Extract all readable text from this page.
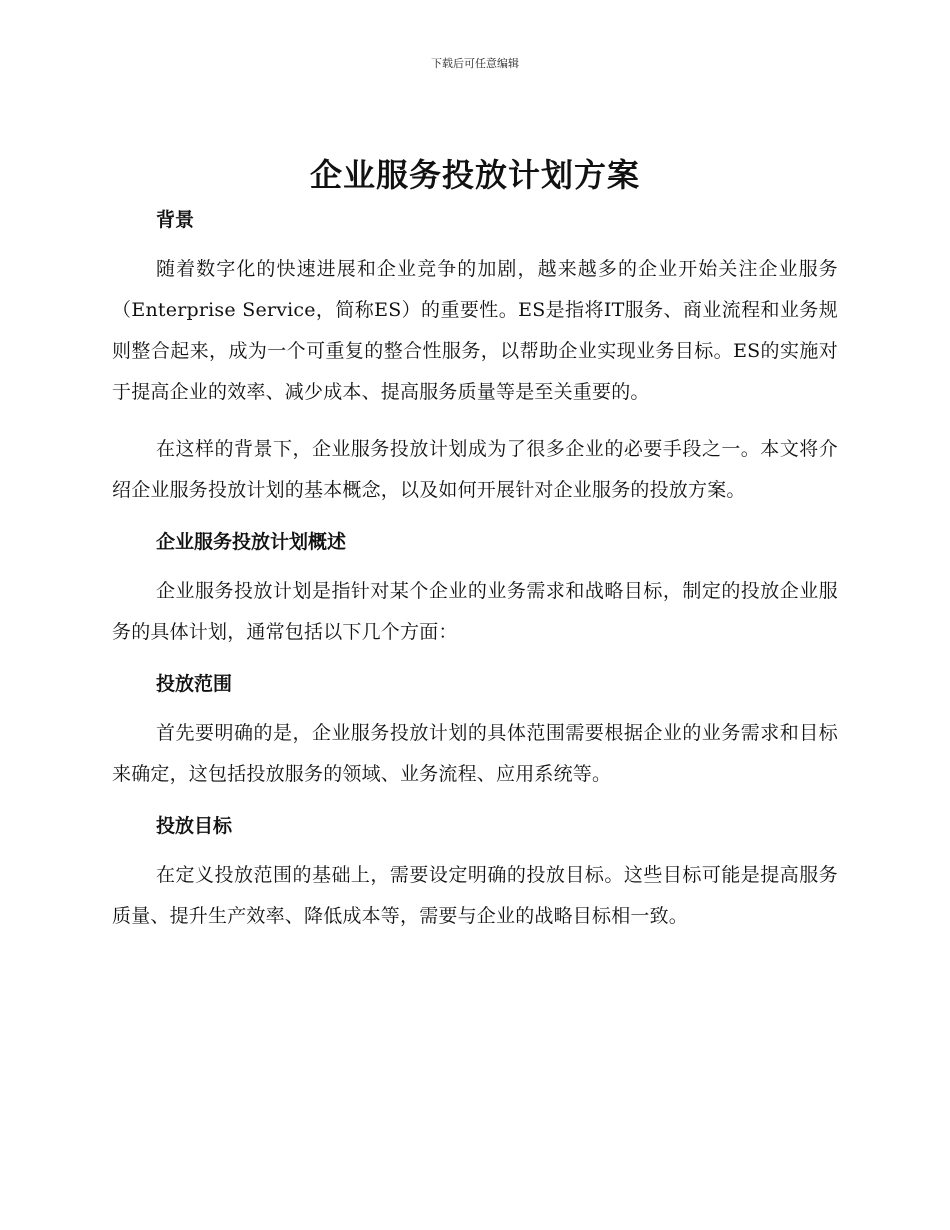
下载后可任意编辑
企业服务投放计划方案
背景

随着数字化的快速进展和企业竞争的加剧，越来越多的企业开始关注企业服务（Enterprise Service，简称ES）的重要性。ES是指将IT服务、商业流程和业务规则整合起来，成为一个可重复的整合性服务，以帮助企业实现业务目标。ES的实施对于提高企业的效率、减少成本、提高服务质量等是至关重要的。

在这样的背景下，企业服务投放计划成为了很多企业的必要手段之一。本文将介绍企业服务投放计划的基本概念，以及如何开展针对企业服务的投放方案。

企业服务投放计划概述

企业服务投放计划是指针对某个企业的业务需求和战略目标，制定的投放企业服务的具体计划，通常包括以下几个方面：

投放范围

首先要明确的是，企业服务投放计划的具体范围需要根据企业的业务需求和目标来确定，这包括投放服务的领域、业务流程、应用系统等。

投放目标

在定义投放范围的基础上，需要设定明确的投放目标。这些目标可能是提高服务质量、提升生产效率、降低成本等，需要与企业的战略目标相一致。
